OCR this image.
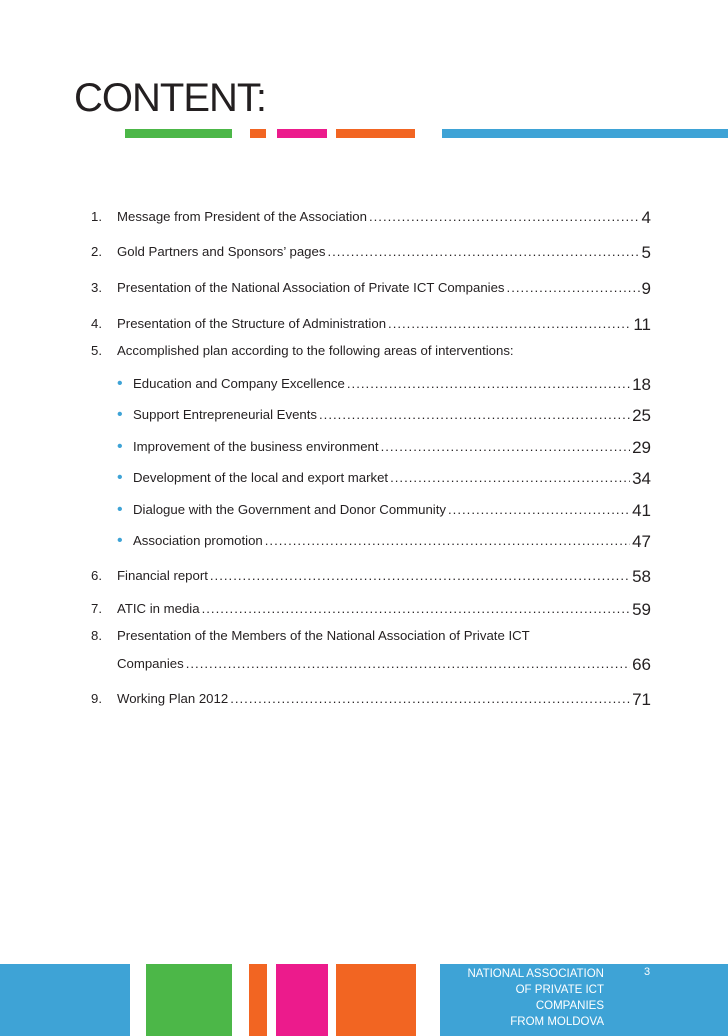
CONTENT:
1.	Message from President of the Association .....	4
2.	Gold Partners and Sponsors’ pages .....	5
3.	Presentation of the National Association of Private ICT Companies .....	9
4.	Presentation of the Structure of Administration .....	11
5.	Accomplished plan according to the following areas of interventions:
• Education and Company Excellence .....	18
• Support Entrepreneurial Events .....	25
• Improvement of the business environment .....	29
• Development of the local and export market .....	34
• Dialogue with the Government and Donor Community .....	41
• Association promotion .....	47
6.	Financial report .....	58
7.	ATIC in media .....	59
8.	Presentation of the Members of the National Association of Private ICT
Companies .....	66
9.	Working Plan 2012 .....	71
NATIONAL ASSOCIATION
OF PRIVATE ICT COMPANIES
FROM MOLDOVA
3
